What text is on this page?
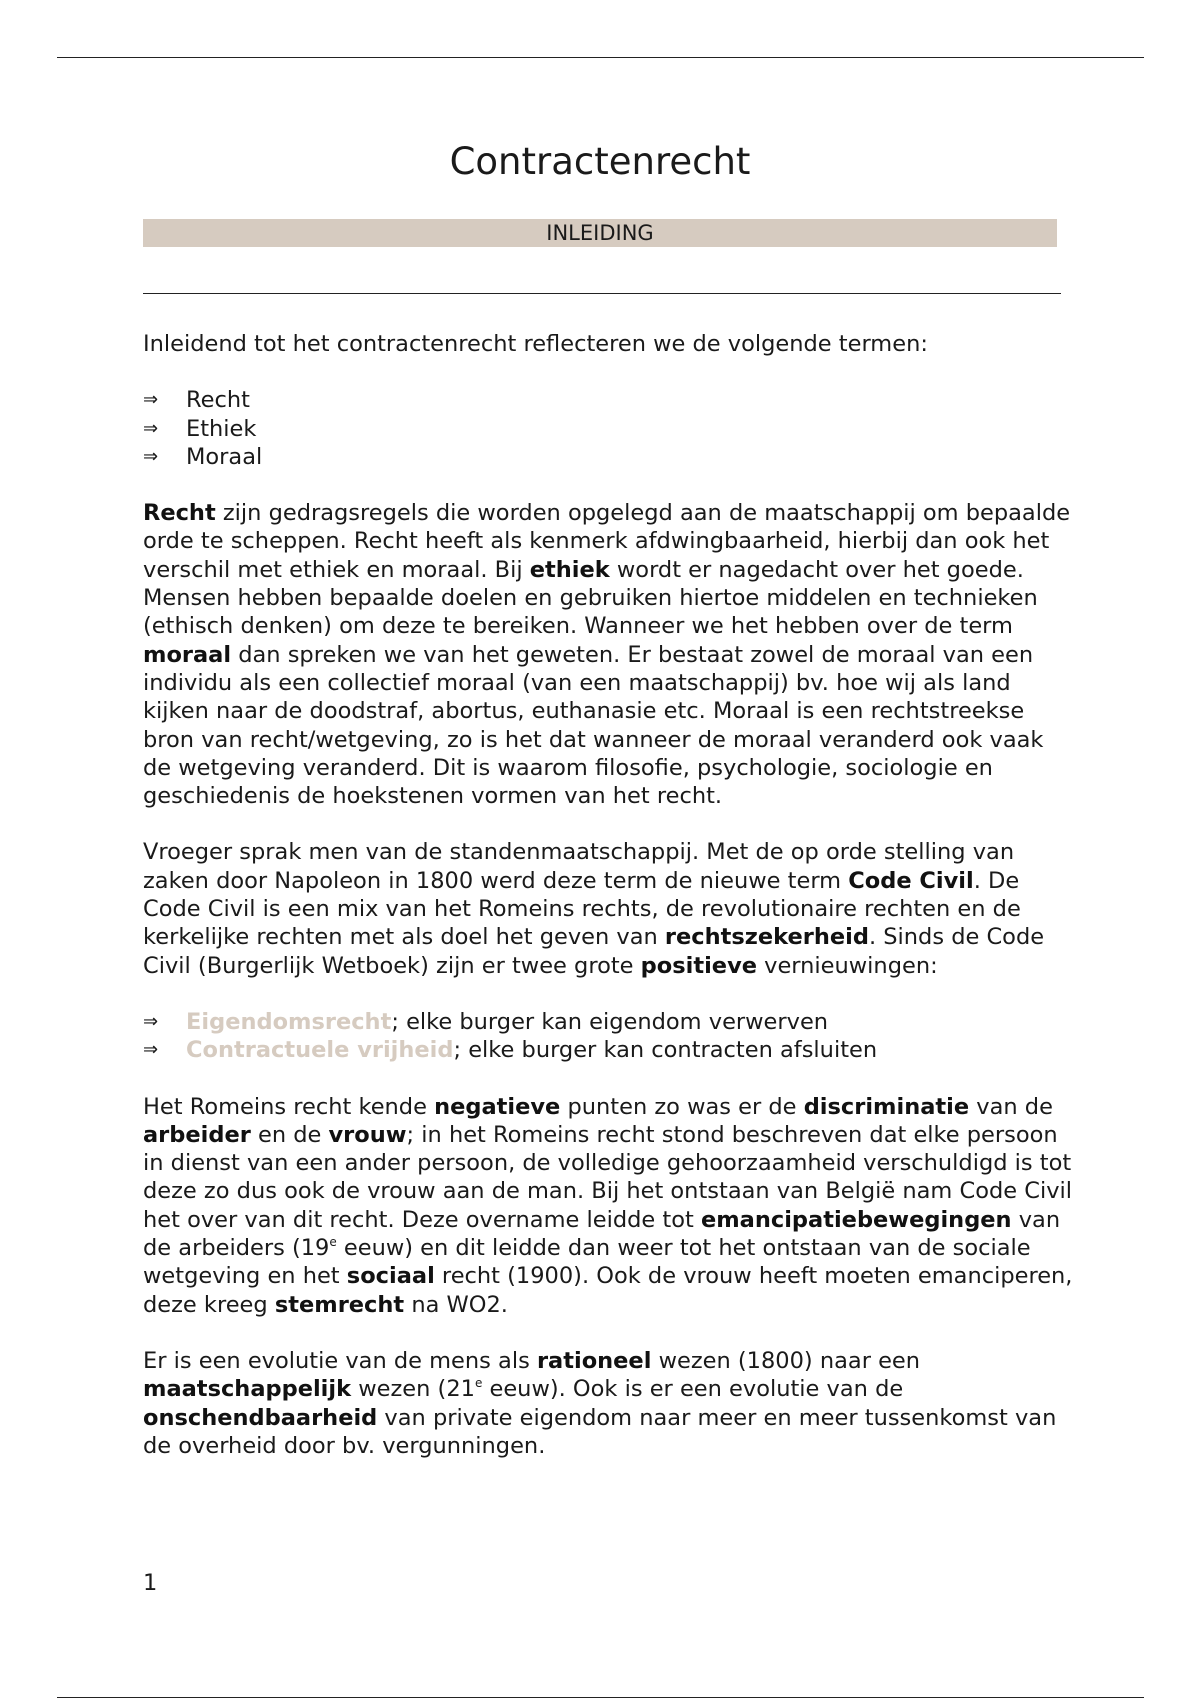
Contractenrecht
INLEIDING

Inleidend tot het contractenrecht reflecteren we de volgende termen:

⇒ Recht
⇒ Ethiek
⇒ Moraal

Recht zijn gedragsregels die worden opgelegd aan de maatschappij om bepaalde orde te scheppen. Recht heeft als kenmerk afdwingbaarheid, hierbij dan ook het verschil met ethiek en moraal. Bij ethiek wordt er nagedacht over het goede. Mensen hebben bepaalde doelen en gebruiken hiertoe middelen en technieken (ethisch denken) om deze te bereiken. Wanneer we het hebben over de term moraal dan spreken we van het geweten. Er bestaat zowel de moraal van een individu als een collectief moraal (van een maatschappij) bv. hoe wij als land kijken naar de doodstraf, abortus, euthanasie etc. Moraal is een rechtstreekse bron van recht/wetgeving, zo is het dat wanneer de moraal veranderd ook vaak de wetgeving veranderd. Dit is waarom filosofie, psychologie, sociologie en geschiedenis de hoekstenen vormen van het recht.

Vroeger sprak men van de standenmaatschappij. Met de op orde stelling van zaken door Napoleon in 1800 werd deze term de nieuwe term Code Civil. De Code Civil is een mix van het Romeins rechts, de revolutionaire rechten en de kerkelijke rechten met als doel het geven van rechtszekerheid. Sinds de Code Civil (Burgerlijk Wetboek) zijn er twee grote positieve vernieuwingen:

⇒ Eigendomsrecht; elke burger kan eigendom verwerven
⇒ Contractuele vrijheid; elke burger kan contracten afsluiten

Het Romeins recht kende negatieve punten zo was er de discriminatie van de arbeider en de vrouw; in het Romeins recht stond beschreven dat elke persoon in dienst van een ander persoon, de volledige gehoorzaamheid verschuldigd is tot deze zo dus ook de vrouw aan de man. Bij het ontstaan van België nam Code Civil het over van dit recht. Deze overname leidde tot emancipatiebewegingen van de arbeiders (19e eeuw) en dit leidde dan weer tot het ontstaan van de sociale wetgeving en het sociaal recht (1900). Ook de vrouw heeft moeten emanciperen, deze kreeg stemrecht na WO2.

Er is een evolutie van de mens als rationeel wezen (1800) naar een maatschappelijk wezen (21e eeuw). Ook is er een evolutie van de onschendbaarheid van private eigendom naar meer en meer tussenkomst van de overheid door bv. vergunningen.

1
